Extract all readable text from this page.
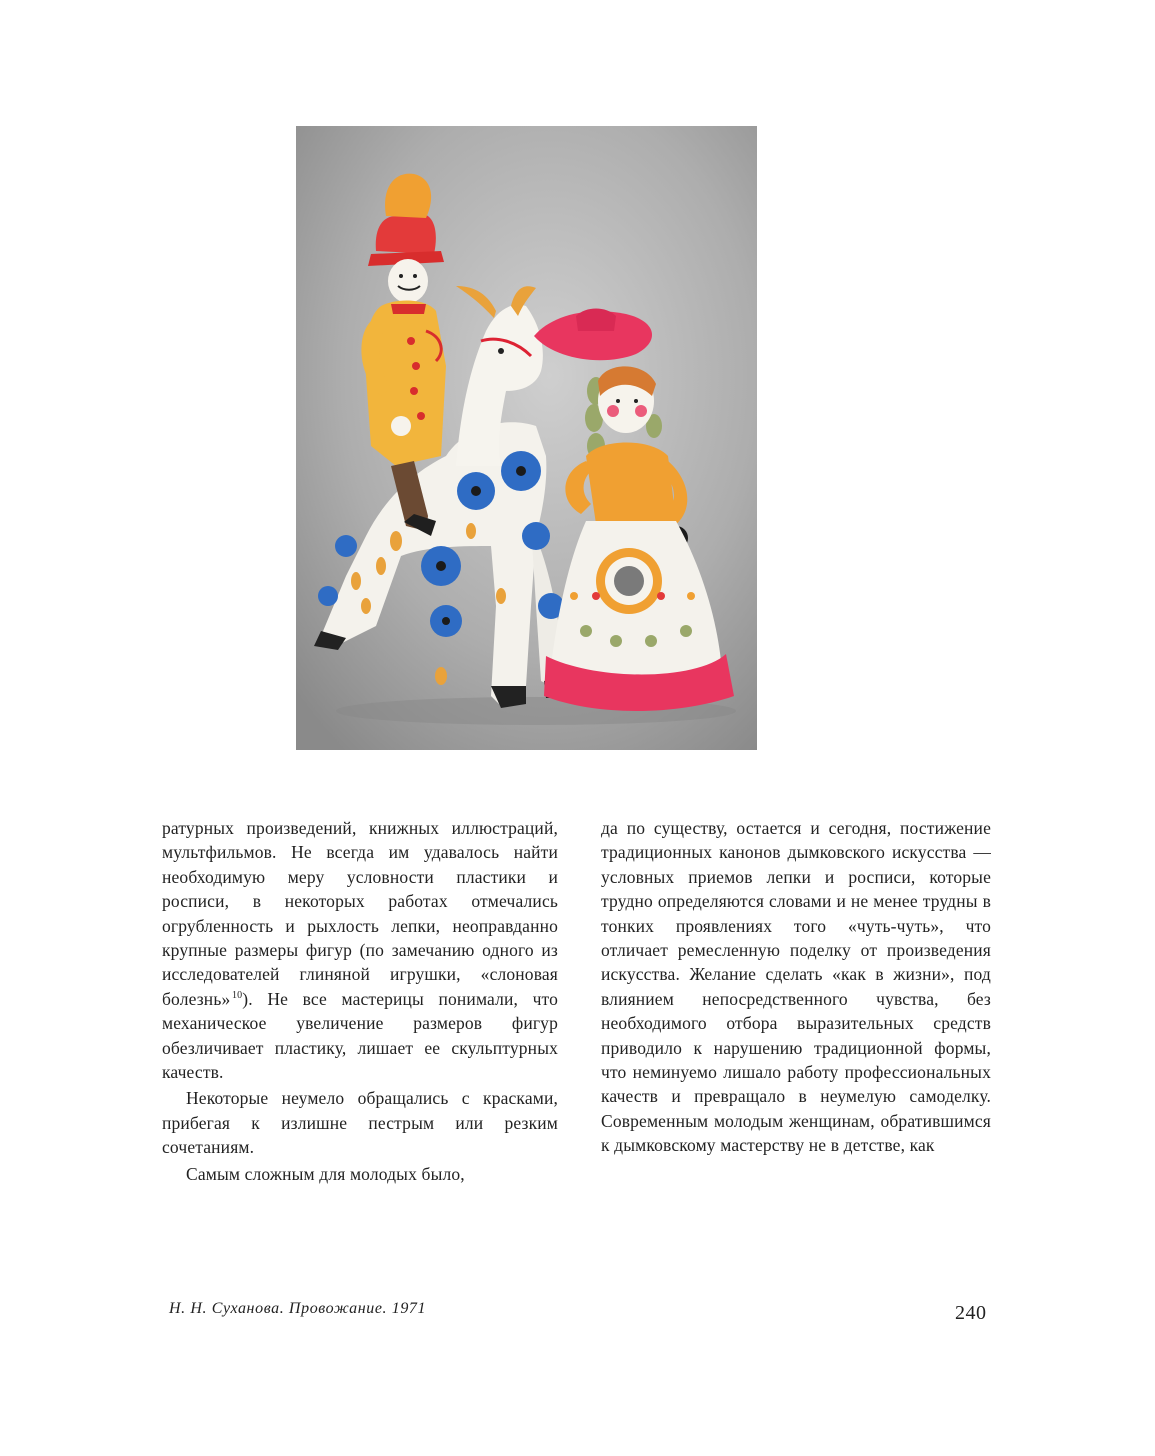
ратурных произведений, книжных иллюстраций, мультфильмов. Не всегда им удавалось найти необходимую меру условности пластики и росписи, в некоторых работах отмечались огрубленность и рыхлость лепки, неоправданно крупные размеры фигур (по замечанию одного из исследователей глиняной игрушки, «слоновая болезнь»  $^{10}$). Не все мастерицы понимали, что механическое увеличение размеров фигур обезличивает пластику, лишает ее скульптурных качеств.

Некоторые неумело обращались с красками, прибегая к излишне пестрым или резким сочетаниям.

Самым сложным для молодых было,

да по существу, остается и сегодня, постижение традиционных канонов дымковского искусства — условных приемов лепки и росписи, которые трудно определяются словами и не менее трудны в тонких проявлениях того «чуть-чуть», что отличает ремесленную поделку от произведения искусства. Желание сделать «как в жизни», под влиянием непосредственного чувства, без необходимого отбора выразительных средств приводило к нарушению традиционной формы, что неминуемо лишало работу профессиональных качеств и превращало в неумелую самоделку. Современным молодым женщинам, обратившимся к дымковскому мастерству не в детстве, как

Н. Н. Суханова. Провожание. 1971	240
